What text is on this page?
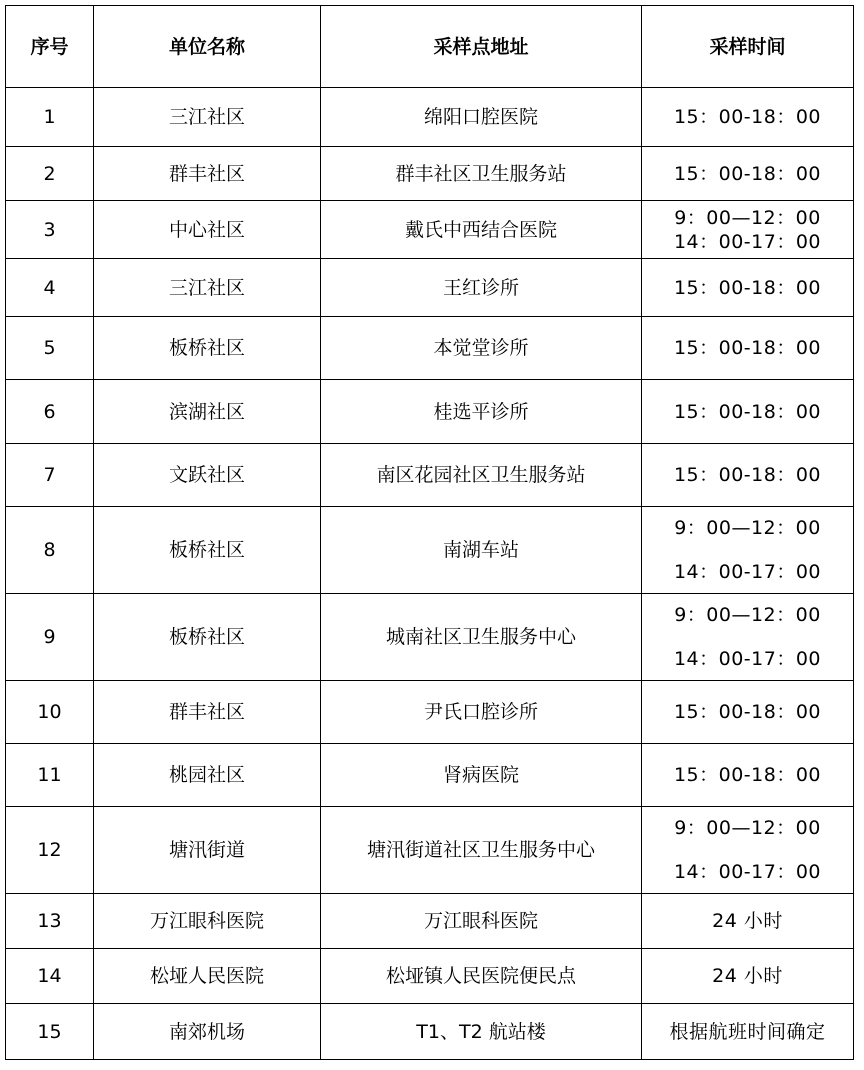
序号	单位名称	采样点地址	采样时间
1	三江社区	绵阳口腔医院	15：00-18：00

2	群丰社区	群丰社区卫生服务站	15：00-18：00

3	中心社区	戴氏中西结合医院	9：00—12：00
14：00-17：00

4	三江社区	王红诊所	15：00-18：00

5	板桥社区	本觉堂诊所	15：00-18：00

6	滨湖社区	桂选平诊所	15：00-18：00

7	文跃社区	南区花园社区卫生服务站	15：00-18：00

8	板桥社区	南湖车站	9：00—12：00
14：00-17：00

9	板桥社区	城南社区卫生服务中心	9：00—12：00
14：00-17：00

10	群丰社区	尹氏口腔诊所	15：00-18：00

11	桃园社区	肾病医院	15：00-18：00

12	塘汛街道	塘汛街道社区卫生服务中心	9：00—12：00
14：00-17：00

13	万江眼科医院	万江眼科医院	24 小时

14	松垭人民医院	松垭镇人民医院便民点	24 小时

15	南郊机场	T1、T2 航站楼	根据航班时间确定
